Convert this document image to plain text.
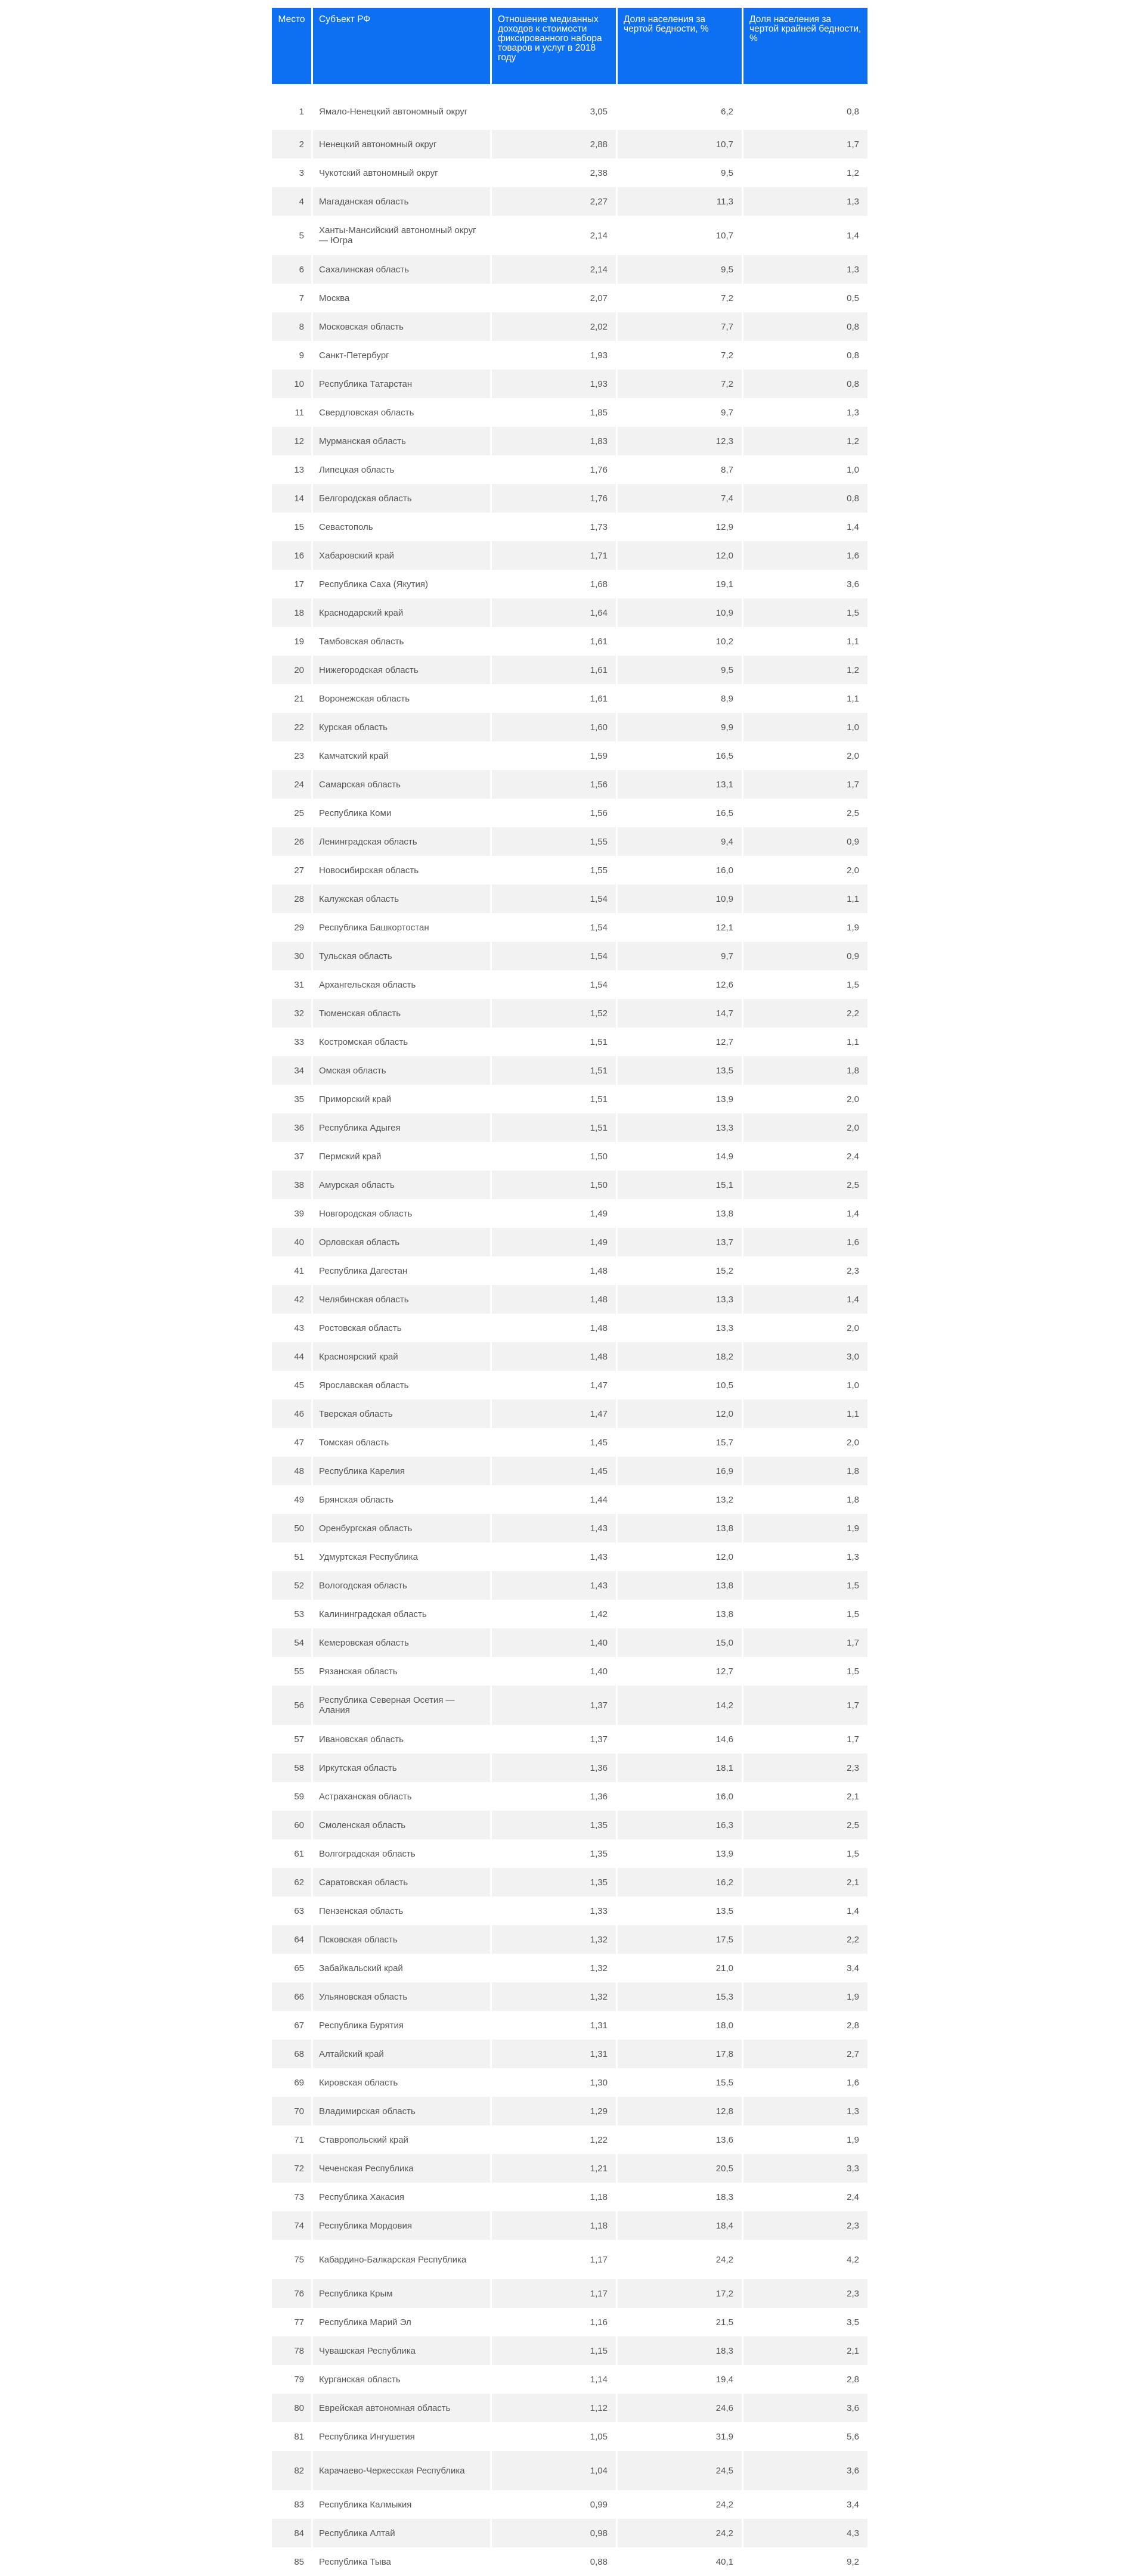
Место	Субъект РФ	Отношение медианных доходов к стоимости фиксированного набора товаров и услуг в 2018 году	Доля населения за чертой бедности, %	Доля населения за чертой крайней бедности, %
1	Ямало-Ненецкий автономный округ	3,05	6,2	0,8
2	Ненецкий автономный округ	2,88	10,7	1,7
3	Чукотский автономный округ	2,38	9,5	1,2
4	Магаданская область	2,27	11,3	1,3
5	Ханты-Мансийский автономный округ — Югра	2,14	10,7	1,4
6	Сахалинская область	2,14	9,5	1,3
7	Москва	2,07	7,2	0,5
8	Московская область	2,02	7,7	0,8
9	Санкт-Петербург	1,93	7,2	0,8
10	Республика Татарстан	1,93	7,2	0,8
11	Свердловская область	1,85	9,7	1,3
12	Мурманская область	1,83	12,3	1,2
13	Липецкая область	1,76	8,7	1,0
14	Белгородская область	1,76	7,4	0,8
15	Севастополь	1,73	12,9	1,4
16	Хабаровский край	1,71	12,0	1,6
17	Республика Саха (Якутия)	1,68	19,1	3,6
18	Краснодарский край	1,64	10,9	1,5
19	Тамбовская область	1,61	10,2	1,1
20	Нижегородская область	1,61	9,5	1,2
21	Воронежская область	1,61	8,9	1,1
22	Курская область	1,60	9,9	1,0
23	Камчатский край	1,59	16,5	2,0
24	Самарская область	1,56	13,1	1,7
25	Республика Коми	1,56	16,5	2,5
26	Ленинградская область	1,55	9,4	0,9
27	Новосибирская область	1,55	16,0	2,0
28	Калужская область	1,54	10,9	1,1
29	Республика Башкортостан	1,54	12,1	1,9
30	Тульская область	1,54	9,7	0,9
31	Архангельская область	1,54	12,6	1,5
32	Тюменская область	1,52	14,7	2,2
33	Костромская область	1,51	12,7	1,1
34	Омская область	1,51	13,5	1,8
35	Приморский край	1,51	13,9	2,0
36	Республика Адыгея	1,51	13,3	2,0
37	Пермский край	1,50	14,9	2,4
38	Амурская область	1,50	15,1	2,5
39	Новгородская область	1,49	13,8	1,4
40	Орловская область	1,49	13,7	1,6
41	Республика Дагестан	1,48	15,2	2,3
42	Челябинская область	1,48	13,3	1,4
43	Ростовская область	1,48	13,3	2,0
44	Красноярский край	1,48	18,2	3,0
45	Ярославская область	1,47	10,5	1,0
46	Тверская область	1,47	12,0	1,1
47	Томская область	1,45	15,7	2,0
48	Республика Карелия	1,45	16,9	1,8
49	Брянская область	1,44	13,2	1,8
50	Оренбургская область	1,43	13,8	1,9
51	Удмуртская Республика	1,43	12,0	1,3
52	Вологодская область	1,43	13,8	1,5
53	Калининградская область	1,42	13,8	1,5
54	Кемеровская область	1,40	15,0	1,7
55	Рязанская область	1,40	12,7	1,5
56	Республика Северная Осетия — Алания	1,37	14,2	1,7
57	Ивановская область	1,37	14,6	1,7
58	Иркутская область	1,36	18,1	2,3
59	Астраханская область	1,36	16,0	2,1
60	Смоленская область	1,35	16,3	2,5
61	Волгоградская область	1,35	13,9	1,5
62	Саратовская область	1,35	16,2	2,1
63	Пензенская область	1,33	13,5	1,4
64	Псковская область	1,32	17,5	2,2
65	Забайкальский край	1,32	21,0	3,4
66	Ульяновская область	1,32	15,3	1,9
67	Республика Бурятия	1,31	18,0	2,8
68	Алтайский край	1,31	17,8	2,7
69	Кировская область	1,30	15,5	1,6
70	Владимирская область	1,29	12,8	1,3
71	Ставропольский край	1,22	13,6	1,9
72	Чеченская Республика	1,21	20,5	3,3
73	Республика Хакасия	1,18	18,3	2,4
74	Республика Мордовия	1,18	18,4	2,3
75	Кабардино-Балкарская Республика	1,17	24,2	4,2
76	Республика Крым	1,17	17,2	2,3
77	Республика Марий Эл	1,16	21,5	3,5
78	Чувашская Республика	1,15	18,3	2,1
79	Курганская область	1,14	19,4	2,8
80	Еврейская автономная область	1,12	24,6	3,6
81	Республика Ингушетия	1,05	31,9	5,6
82	Карачаево-Черкесская Республика	1,04	24,5	3,6
83	Республика Калмыкия	0,99	24,2	3,4
84	Республика Алтай	0,98	24,2	4,3
85	Республика Тыва	0,88	40,1	9,2
